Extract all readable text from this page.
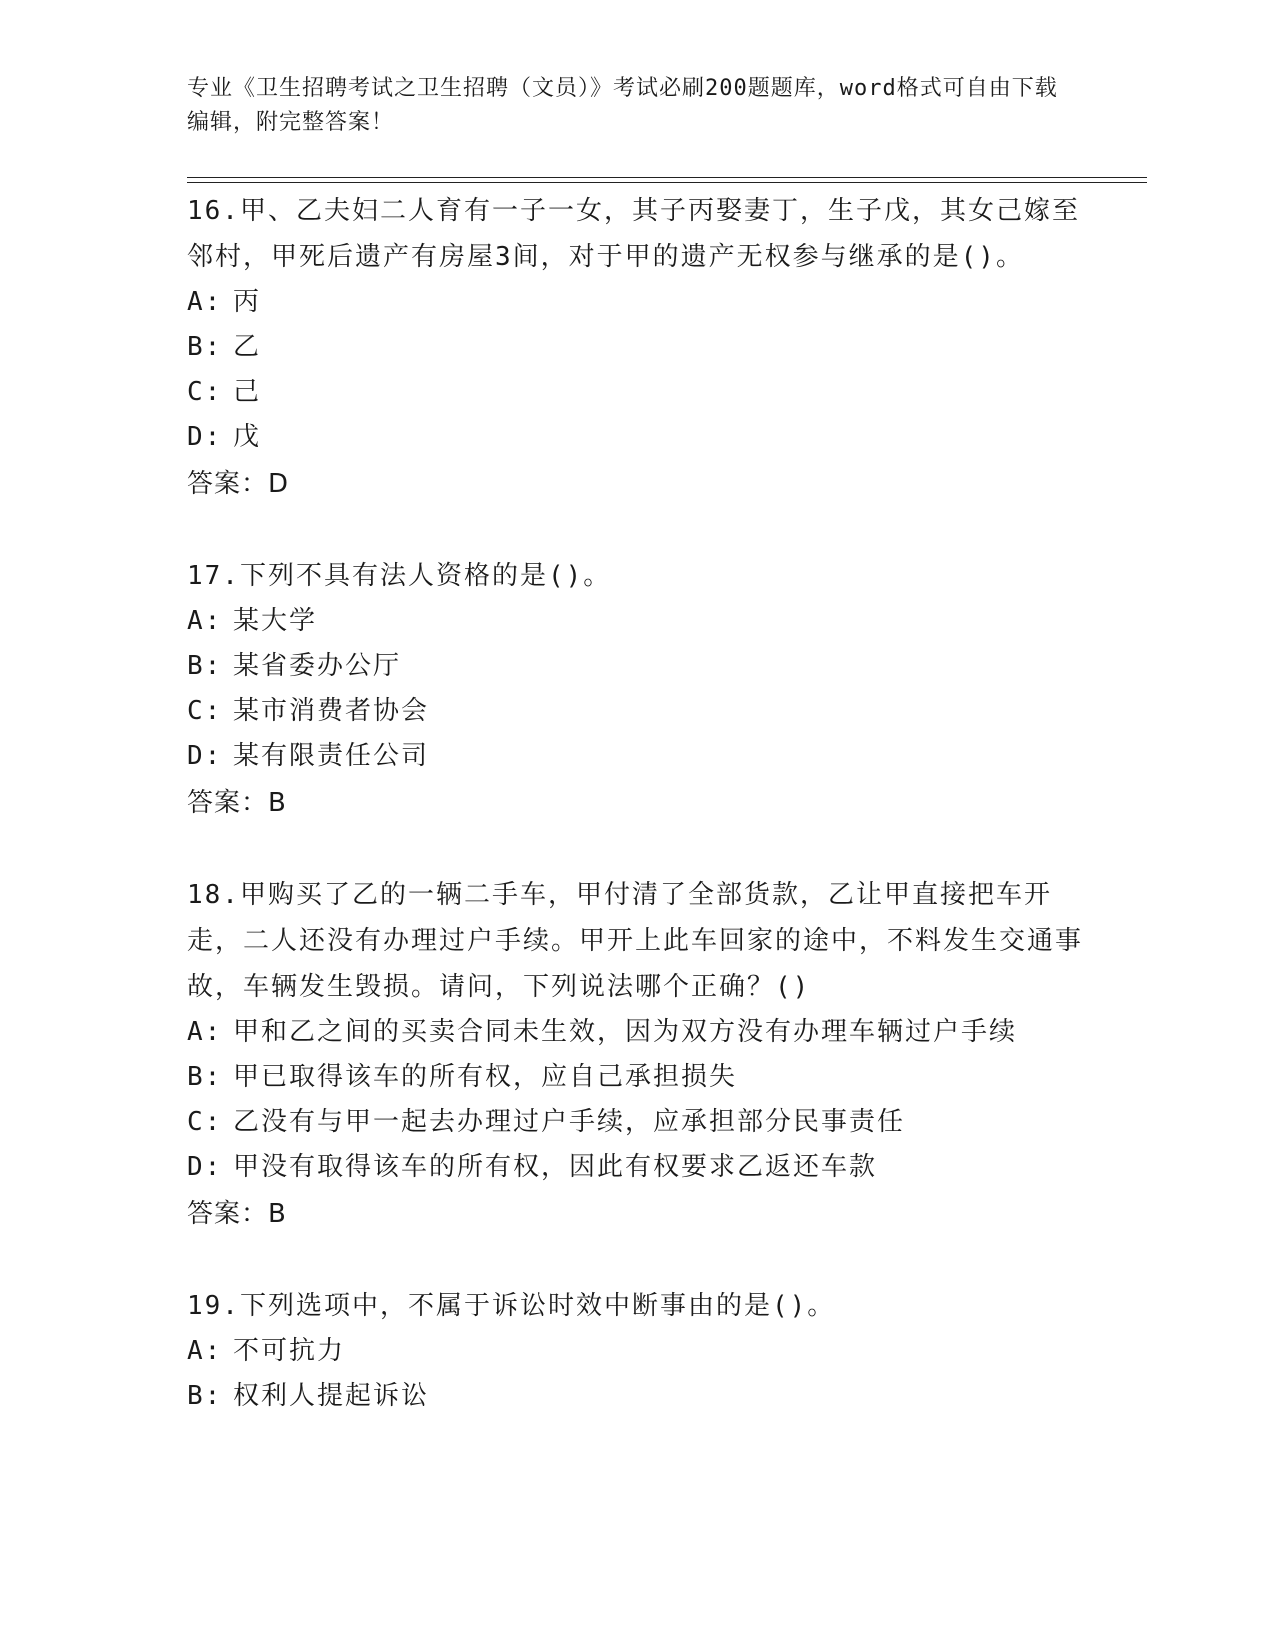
专业《卫生招聘考试之卫生招聘（文员）》考试必刷200题题库，word格式可自由下载编辑，附完整答案！

16.甲、乙夫妇二人育有一子一女，其子丙娶妻丁，生子戊，其女己嫁至邻村，甲死后遗产有房屋3间，对于甲的遗产无权参与继承的是()。

A: 丙
B: 乙
C: 己
D: 戊

答案：D

17.下列不具有法人资格的是()。

A: 某大学
B: 某省委办公厅
C: 某市消费者协会
D: 某有限责任公司

答案：B

18.甲购买了乙的一辆二手车，甲付清了全部货款，乙让甲直接把车开走，二人还没有办理过户手续。甲开上此车回家的途中，不料发生交通事故，车辆发生毁损。请问，下列说法哪个正确？()

A: 甲和乙之间的买卖合同未生效，因为双方没有办理车辆过户手续
B: 甲已取得该车的所有权，应自己承担损失
C: 乙没有与甲一起去办理过户手续，应承担部分民事责任
D: 甲没有取得该车的所有权，因此有权要求乙返还车款

答案：B

19.下列选项中，不属于诉讼时效中断事由的是()。

A: 不可抗力
B: 权利人提起诉讼
